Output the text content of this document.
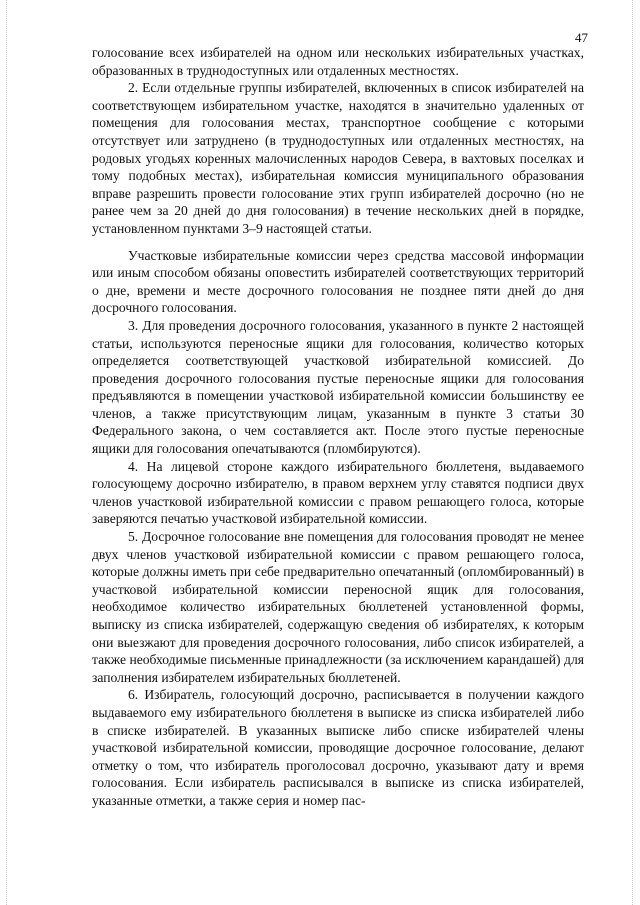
47

голосование всех избирателей на одном или нескольких избирательных участках, образованных в труднодоступных или отдаленных местностях.

2. Если отдельные группы избирателей, включенных в список избирателей на соответствующем избирательном участке, находятся в значительно удаленных от помещения для голосования местах, транспортное сообщение с которыми отсутствует или затруднено (в труднодоступных или отдаленных местностях, на родовых угодьях коренных малочисленных народов Севера, в вахтовых поселках и тому подобных местах), избирательная комиссия муниципального образования вправе разрешить провести голосование этих групп избирателей досрочно (но не ранее чем за 20 дней до дня голосования) в течение нескольких дней в порядке, установленном пунктами 3–9 настоящей статьи.

Участковые избирательные комиссии через средства массовой информации или иным способом обязаны оповестить избирателей соответствующих территорий о дне, времени и месте досрочного голосования не позднее пяти дней до дня досрочного голосования.

3. Для проведения досрочного голосования, указанного в пункте 2 настоящей статьи, используются переносные ящики для голосования, количество которых определяется соответствующей участковой избирательной комиссией. До проведения досрочного голосования пустые переносные ящики для голосования предъявляются в помещении участковой избирательной комиссии большинству ее членов, а также присутствующим лицам, указанным в пункте 3 статьи 30 Федерального закона, о чем составляется акт. После этого пустые переносные ящики для голосования опечатываются (пломбируются).

4. На лицевой стороне каждого избирательного бюллетеня, выдаваемого голосующему досрочно избирателю, в правом верхнем углу ставятся подписи двух членов участковой избирательной комиссии с правом решающего голоса, которые заверяются печатью участковой избирательной комиссии.

5. Досрочное голосование вне помещения для голосования проводят не менее двух членов участковой избирательной комиссии с правом решающего голоса, которые должны иметь при себе предварительно опечатанный (опломбированный) в участковой избирательной комиссии переносной ящик для голосования, необходимое количество избирательных бюллетеней установленной формы, выписку из списка избирателей, содержащую сведения об избирателях, к которым они выезжают для проведения досрочного голосования, либо список избирателей, а также необходимые письменные принадлежности (за исключением карандашей) для заполнения избирателем избирательных бюллетеней.

6. Избиратель, голосующий досрочно, расписывается в получении каждого выдаваемого ему избирательного бюллетеня в выписке из списка избирателей либо в списке избирателей. В указанных выписке либо списке избирателей члены участковой избирательной комиссии, проводящие досрочное голосование, делают отметку о том, что избиратель проголосовал досрочно, указывают дату и время голосования. Если избиратель расписывался в выписке из списка избирателей, указанные отметки, а также серия и номер пас-
